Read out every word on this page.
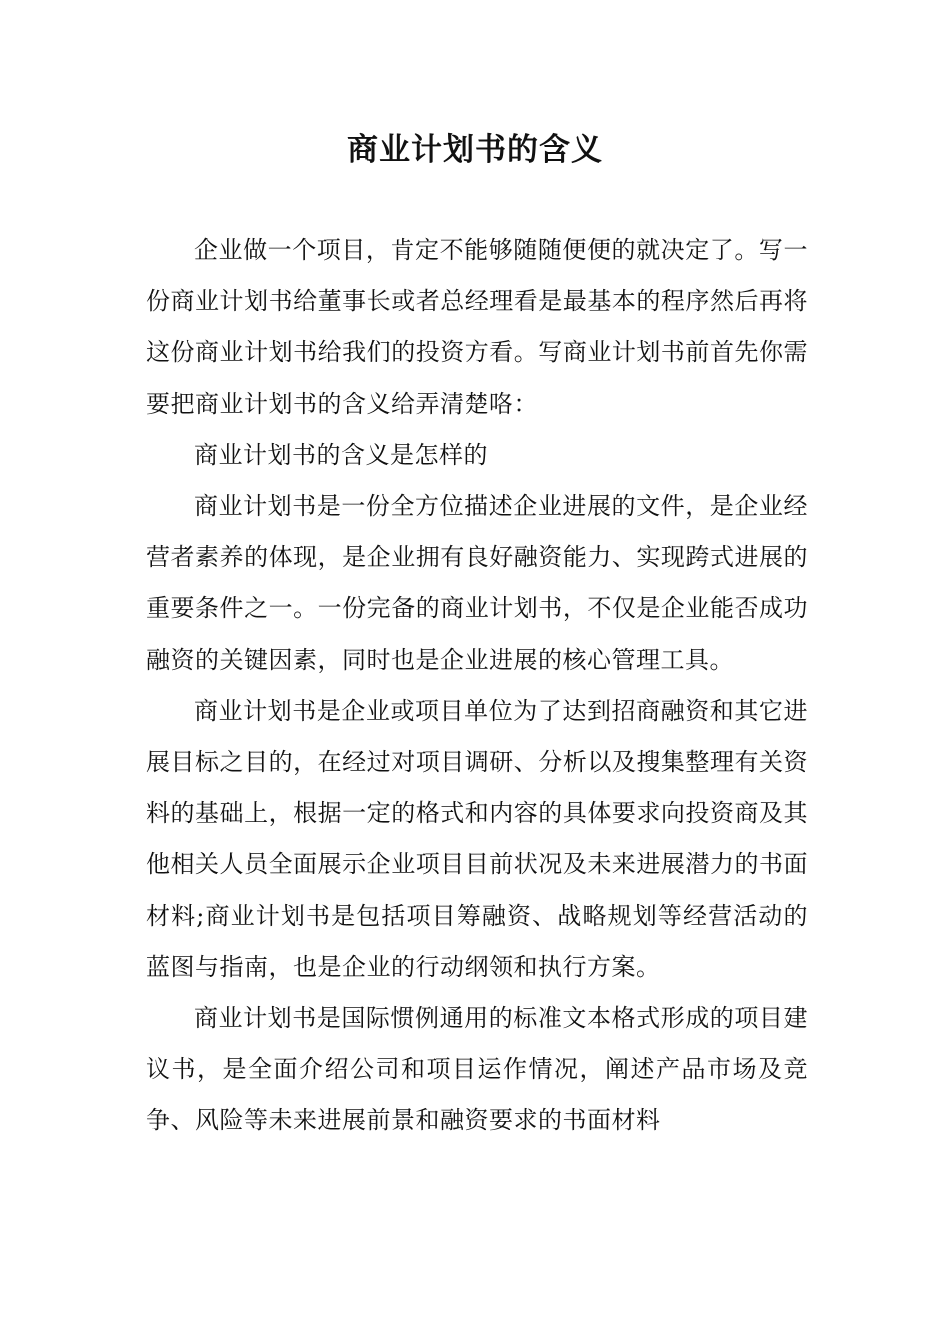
商业计划书的含义

企业做一个项目，肯定不能够随随便便的就决定了。写一份商业计划书给董事长或者总经理看是最基本的程序然后再将这份商业计划书给我们的投资方看。写商业计划书前首先你需要把商业计划书的含义给弄清楚咯：

商业计划书的含义是怎样的

商业计划书是一份全方位描述企业进展的文件，是企业经营者素养的体现，是企业拥有良好融资能力、实现跨式进展的重要条件之一。一份完备的商业计划书，不仅是企业能否成功融资的关键因素，同时也是企业进展的核心管理工具。

商业计划书是企业或项目单位为了达到招商融资和其它进展目标之目的，在经过对项目调研、分析以及搜集整理有关资料的基础上，根据一定的格式和内容的具体要求向投资商及其他相关人员全面展示企业项目目前状况及未来进展潜力的书面材料;商业计划书是包括项目筹融资、战略规划等经营活动的蓝图与指南，也是企业的行动纲领和执行方案。

商业计划书是国际惯例通用的标准文本格式形成的项目建议书，是全面介绍公司和项目运作情况，阐述产品市场及竞争、风险等未来进展前景和融资要求的书面材料
